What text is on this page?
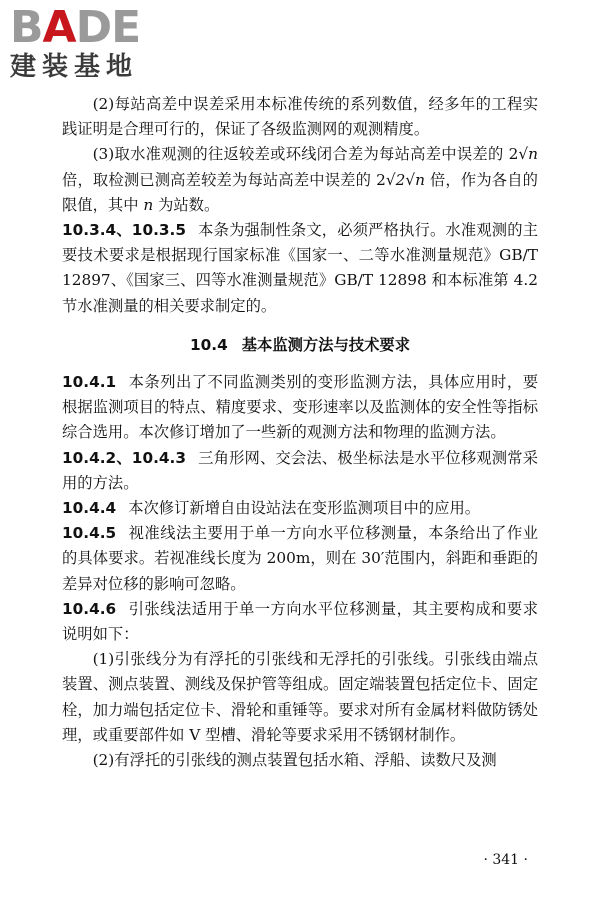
BADE
建装基地

(2)每站高差中误差采用本标准传统的系列数值，经多年的工程实践证明是合理可行的，保证了各级监测网的观测精度。

(3)取水准观测的往返较差或环线闭合差为每站高差中误差的 2√n 倍，取检测已测高差较差为每站高差中误差的 2√2√n 倍，作为各自的限值，其中 n 为站数。

10.3.4、10.3.5 本条为强制性条文，必须严格执行。水准观测的主要技术要求是根据现行国家标准《国家一、二等水准测量规范》GB/T 12897、《国家三、四等水准测量规范》GB/T 12898 和本标准第 4.2 节水准测量的相关要求制定的。

10.4 基本监测方法与技术要求

10.4.1 本条列出了不同监测类别的变形监测方法，具体应用时，要根据监测项目的特点、精度要求、变形速率以及监测体的安全性等指标综合选用。本次修订增加了一些新的观测方法和物理的监测方法。

10.4.2、10.4.3 三角形网、交会法、极坐标法是水平位移观测常采用的方法。

10.4.4 本次修订新增自由设站法在变形监测项目中的应用。

10.4.5 视准线法主要用于单一方向水平位移测量，本条给出了作业的具体要求。若视准线长度为 200m，则在 30′范围内，斜距和垂距的差异对位移的影响可忽略。

10.4.6 引张线法适用于单一方向水平位移测量，其主要构成和要求说明如下：

(1)引张线分为有浮托的引张线和无浮托的引张线。引张线由端点装置、测点装置、测线及保护管等组成。固定端装置包括定位卡、固定栓，加力端包括定位卡、滑轮和重锤等。要求对所有金属材料做防锈处理，或重要部件如 V 型槽、滑轮等要求采用不锈钢材制作。

(2)有浮托的引张线的测点装置包括水箱、浮船、读数尺及测

· 341 ·
